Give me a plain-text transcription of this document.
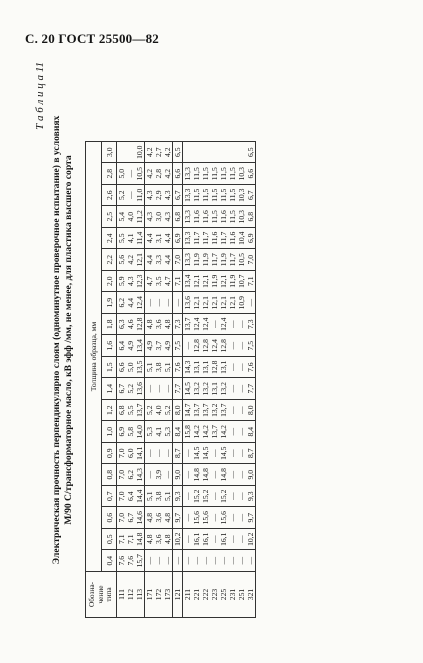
С. 20 ГОСТ 25500—82
Т а б л и ц а 11
Электрическая прочность перпендикулярно слоям (одноминутное проверочное испытание) в условиях M/90 С/трансформаторное масло, кВ эфф /мм, не менее, для пластика высшего сорта
Обозна- чение типа	Толщина образца, мм																			
	0,4	0,5	0,6	0,7	0,8	0,9	1,0	1,2	1,4	1,5	1,6	1,8	1,9	2,0	2,2	2,4	2,5	2,6	2,8	3,0
111	7,6	7,1	7,0	7,0	7,0	7,0	6,9	6,8	6,7	6,6	6,4	6,3	6,2	5,9	5,6	5,5	5,4	5,2	5,0	
112	7,6	7,1	6,7	6,4	6,2	6,0	5,8	5,5	5,2	5,0	4,9	4,6	4,4	4,3	4,2	4,1	4,0	—	—	
113	15,7	14,8	14,6	14,4	14,3	14,1	14,0	13,7	13,6	13,5	13,4	12,8	12,4	12,3	12,1	11,4	11,2	11,0	10,5	10,0
171	—	4,8	4,8	5,1	—	—	5,3	5,2	—	5,1	4,9	4,8	—	4,7	4,4	4,4	4,3	4,3	4,2	4,2
172	—	3,6	3,6	3,8	3,9	—	4,1	4,0	—	3,8	3,7	3,6	—	3,5	3,3	3,1	3,0	2,9	2,8	2,7
173	—	4,8	4,8	5,1	—	—	5,3	5,2	—	5,1	4,9	4,8	—	4,7	4,4	4,4	4,3	4,3	4,2	4,2
121	—	10,2	9,7	9,3	9,0	8,7	8,4	8,0	7,7	7,6	7,5	7,3	—	7,1	7,0	6,9	6,8	6,7	6,6	6,5
211	—	—	—	—	—	—	15,8	14,7	14,5	14,3	—	13,7	13,6	13,4	13,3	13,3	13,3	13,3	13,3	
221	—	16,1	15,6	15,2	14,8	14,5	14,2	13,7	13,2	13,1	12,8	12,4	12,1	12,1	11,9	11,7	11,6	11,5	11,5	
222	—	16,1	15,6	15,2	14,8	14,5	14,2	13,7	13,2	13,1	12,8	12,4	12,1	12,1	11,9	11,7	11,6	11,5	11,5	
223	—	—	—	—	—	—	13,7	13,2	13,1	12,8	12,4	—	12,1	11,9	11,7	11,6	11,5	11,5	11,5	
225	—	16,1	15,6	15,2	14,8	14,5	14,2	13,7	13,2	13,1	12,8	12,4	12,1	12,1	11,9	11,7	11,6	11,5	11,5	
231	—	—	—	—	—	—	—	—	—	—	—	—	12,1	11,9	11,7	11,6	11,5	11,5	11,5	
251	—	—	—	—	—	—	—	—	—	—	—	—	10,9	10,7	10,5	10,4	10,3	10,3	10,3	
321	—	10,2	9,7	9,3	9,0	8,7	8,4	8,0	7,7	7,6	7,5	7,3	—	7,1	7,0	6,9	6,8	6,7	6,6	6,5
